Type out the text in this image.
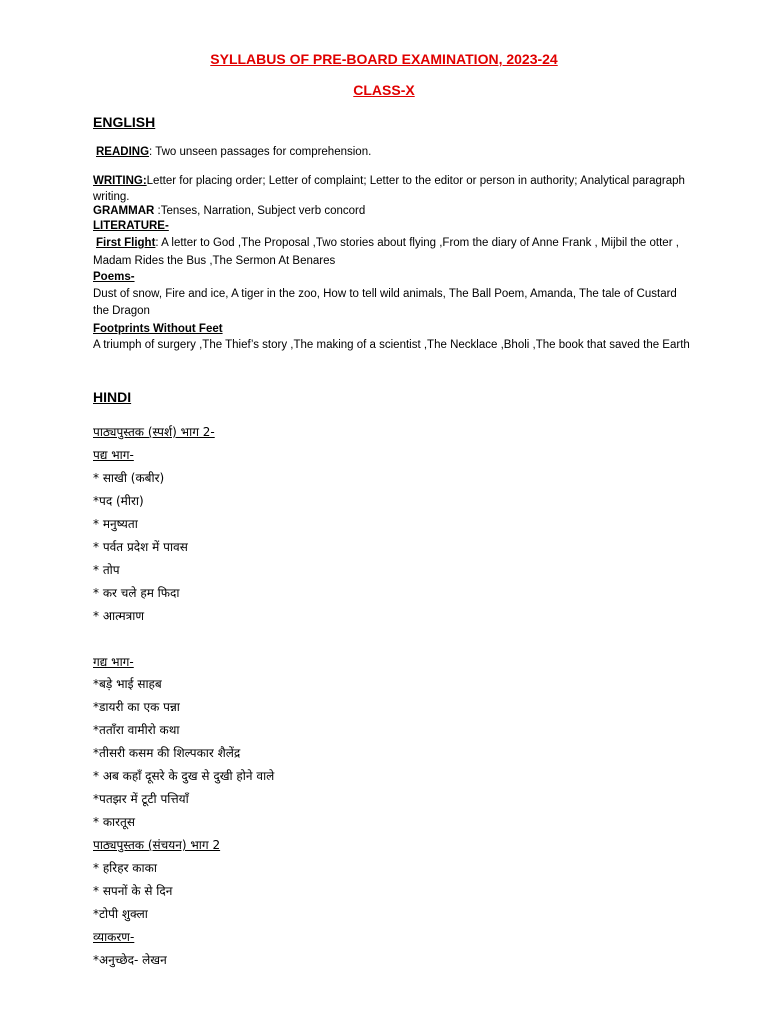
SYLLABUS OF PRE-BOARD EXAMINATION, 2023-24
CLASS-X
ENGLISH
READING: Two unseen passages for comprehension.
WRITING:Letter for placing order; Letter of complaint; Letter to the editor or person in authority; Analytical paragraph writing.
GRAMMAR :Tenses, Narration, Subject verb concord
LITERATURE-
First Flight: A letter to God ,The Proposal ,Two stories about flying ,From the diary of Anne Frank , Mijbil the otter , Madam Rides the Bus ,The Sermon At Benares
Poems-
Dust of snow, Fire and ice, A tiger in the zoo, How to tell wild animals, The Ball Poem, Amanda, The tale of Custard the Dragon
Footprints Without Feet
A triumph of surgery ,The Thief’s story ,The making of a scientist ,The Necklace ,Bholi ,The book that saved the Earth
HINDI
पाठ्यपुस्तक (स्पर्श) भाग 2-
पद्य भाग-
* साखी (कबीर)
*पद (मीरा)
* मनुष्यता
* पर्वत प्रदेश में पावस
* तोप
* कर चले हम फिदा
* आत्मत्राण
गद्य भाग-
*बड़े भाई साहब
*डायरी का एक पन्ना
*तताँरा वामीरो कथा
*तीसरी कसम की शिल्पकार शैलेंद्र
* अब कहाँ दूसरे के दुख से दुखी होने वाले
*पतझर में टूटी पत्तियाँ
* कारतूस
पाठ्यपुस्तक (संचयन) भाग 2
* हरिहर काका
* सपनों के से दिन
*टोपी शुक्ला
व्याकरण-
*अनुच्छेद- लेखन
